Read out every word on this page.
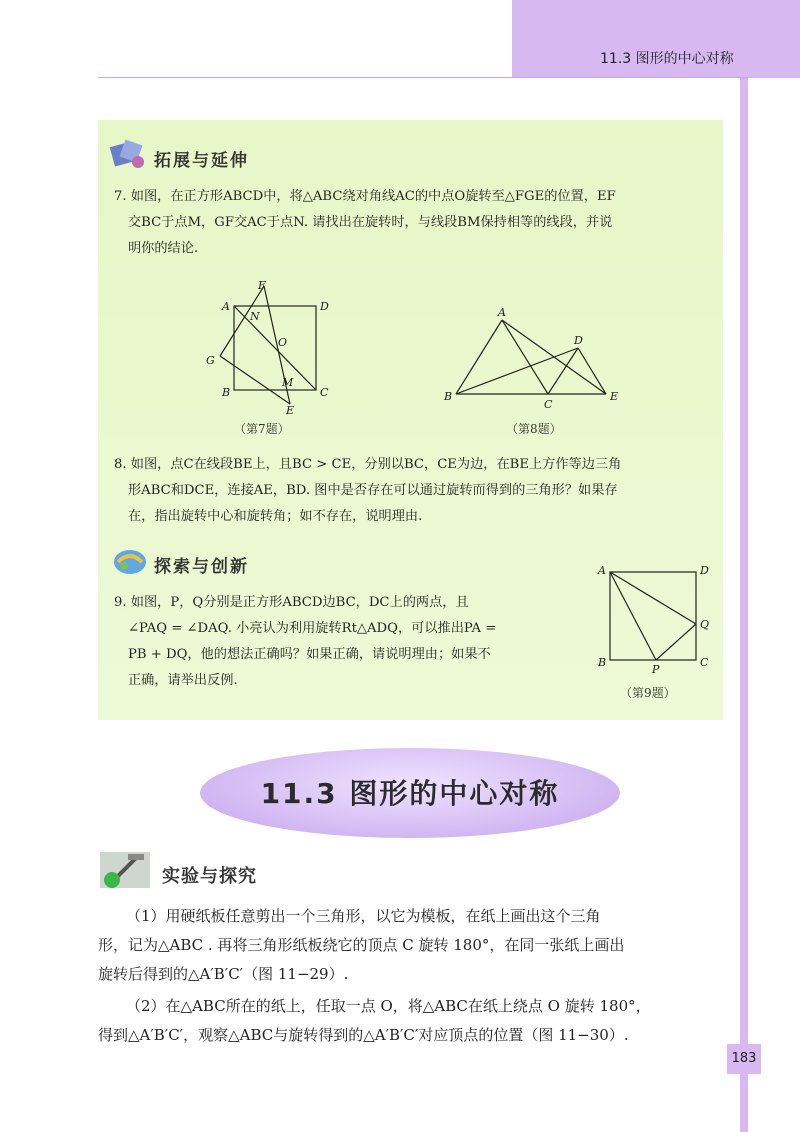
11.3 图形的中心对称
拓展与延伸
7. 如图，在正方形ABCD中，将△ABC绕对角线AC的中点O旋转至△FGE的位置，EF
交BC于点M，GF交AC于点N. 请找出在旋转时，与线段BM保持相等的线段，并说
明你的结论.
A	D
F
N
O
G
B
M
C
E
（第7题）
A
D
B
C
E
（第8题）
8. 如图，点C在线段BE上，且BC > CE，分别以BC，CE为边，在BE上方作等边三角
形ABC和DCE，连接AE，BD. 图中是否存在可以通过旋转而得到的三角形？如果存
在，指出旋转中心和旋转角；如不存在，说明理由.
探索与创新
9. 如图，P，Q分别是正方形ABCD边BC，DC上的两点，且
∠PAQ = ∠DAQ. 小亮认为利用旋转Rt△ADQ，可以推出PA =
PB + DQ，他的想法正确吗？如果正确，请说明理由；如果不
正确，请举出反例.
A	D
Q
B
P
C
（第9题）
11.3 图形的中心对称
实验与探究
（1）用硬纸板任意剪出一个三角形，以它为模板，在纸上画出这个三角
形，记为△ABC . 再将三角形纸板绕它的顶点 C 旋转 180°，在同一张纸上画出
旋转后得到的△A′B′C′（图 11−29）.
（2）在△ABC所在的纸上，任取一点 O，将△ABC在纸上绕点 O 旋转 180°，
得到△A′B′C′，观察△ABC与旋转得到的△A′B′C′对应顶点的位置（图 11−30）.
183
